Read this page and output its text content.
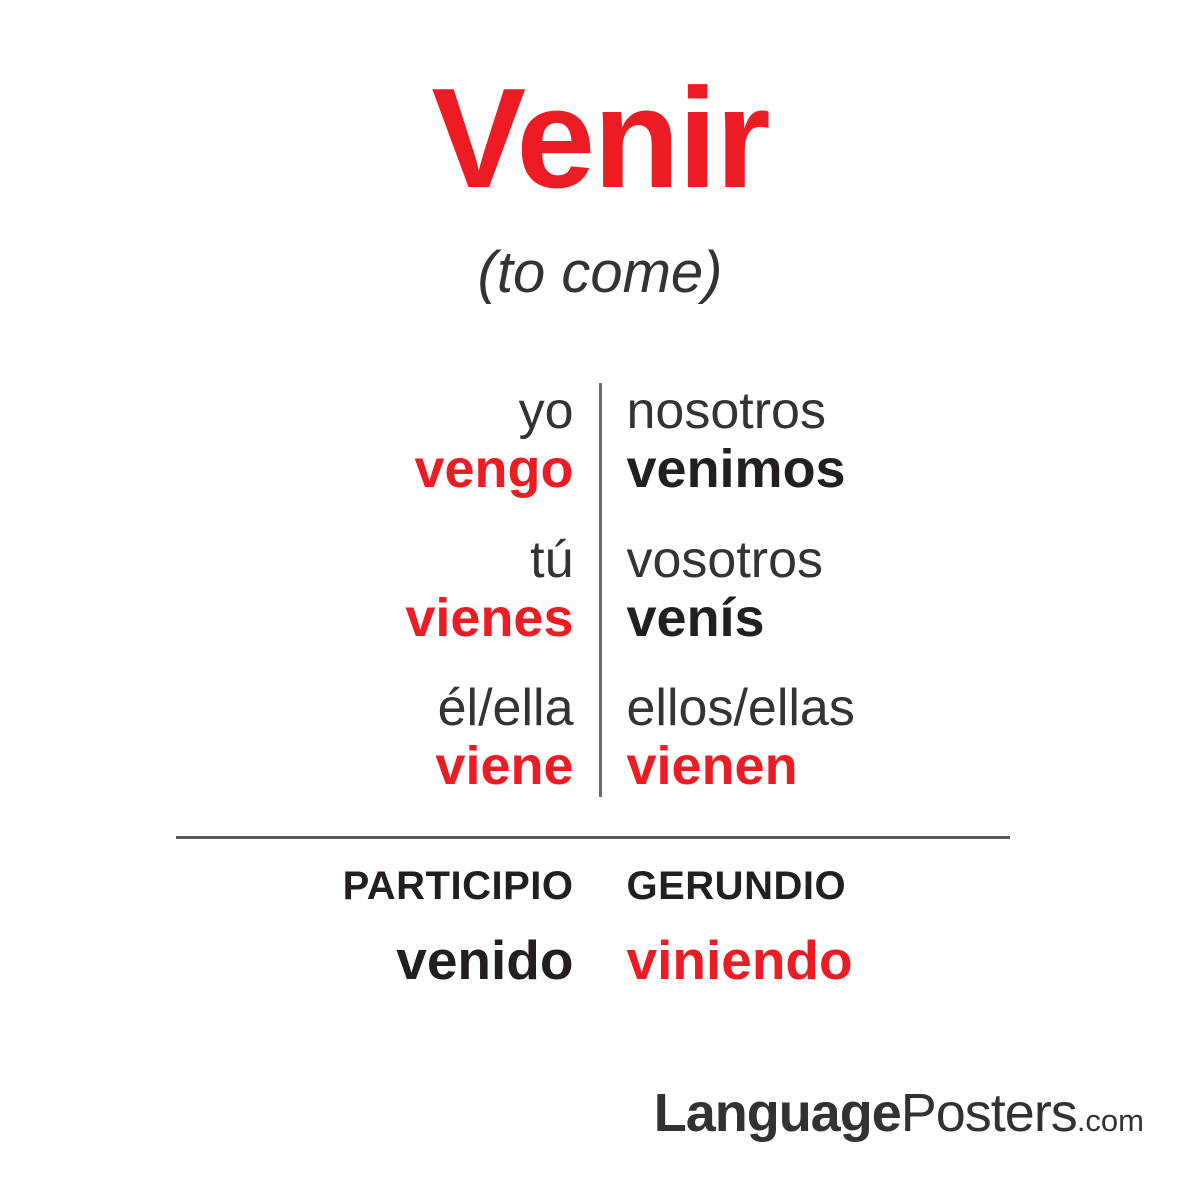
Venir
(to come)
yo
vengo
tú
vienes
él/ella
viene
nosotros
venimos
vosotros
venís
ellos/ellas
vienen
PARTICIPIO
venido
GERUNDIO
viniendo
LanguagePosters.com
